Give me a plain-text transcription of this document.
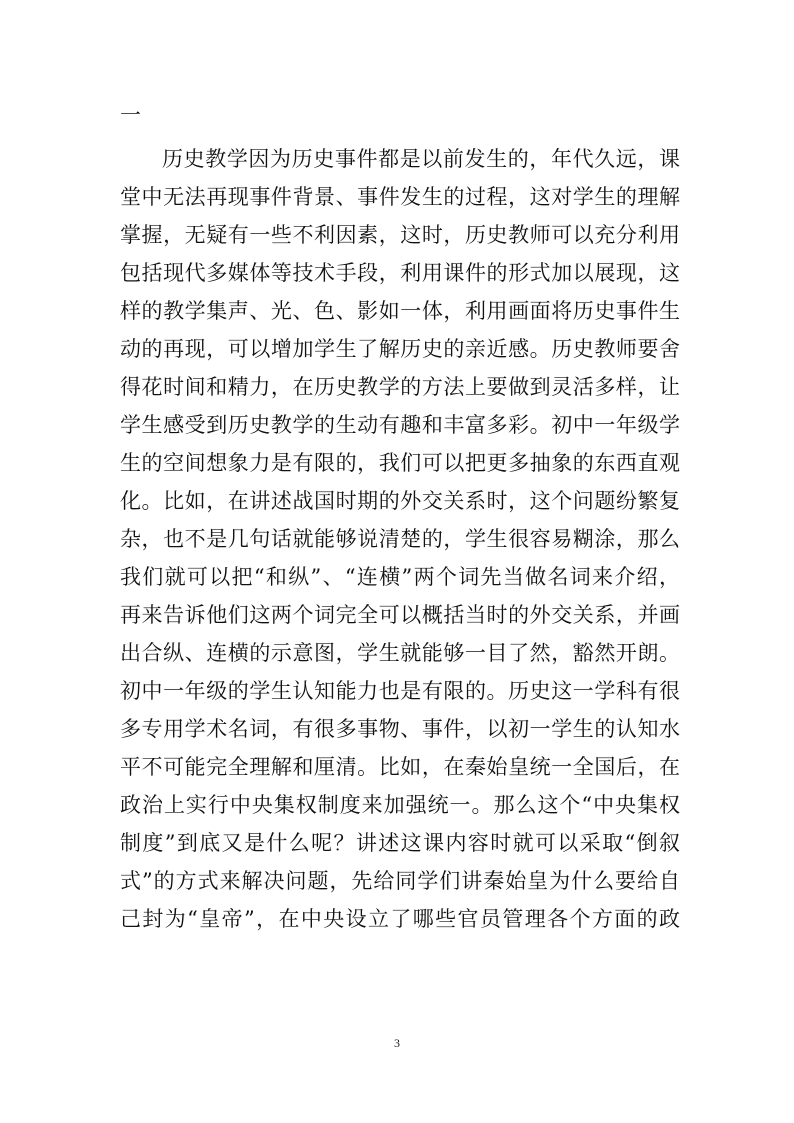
一
历史教学因为历史事件都是以前发生的，年代久远，课
堂中无法再现事件背景、事件发生的过程，这对学生的理解
掌握，无疑有一些不利因素，这时，历史教师可以充分利用
包括现代多媒体等技术手段，利用课件的形式加以展现，这
样的教学集声、光、色、影如一体，利用画面将历史事件生
动的再现，可以增加学生了解历史的亲近感。历史教师要舍
得花时间和精力，在历史教学的方法上要做到灵活多样，让
学生感受到历史教学的生动有趣和丰富多彩。初中一年级学
生的空间想象力是有限的，我们可以把更多抽象的东西直观
化。比如，在讲述战国时期的外交关系时，这个问题纷繁复
杂，也不是几句话就能够说清楚的，学生很容易糊涂，那么
我们就可以把“和纵”、“连横”两个词先当做名词来介绍，
再来告诉他们这两个词完全可以概括当时的外交关系，并画
出合纵、连横的示意图，学生就能够一目了然，豁然开朗。
初中一年级的学生认知能力也是有限的。历史这一学科有很
多专用学术名词，有很多事物、事件，以初一学生的认知水
平不可能完全理解和厘清。比如，在秦始皇统一全国后，在
政治上实行中央集权制度来加强统一。那么这个“中央集权
制度”到底又是什么呢？讲述这课内容时就可以采取“倒叙
式”的方式来解决问题，先给同学们讲秦始皇为什么要给自
己封为“皇帝”，在中央设立了哪些官员管理各个方面的政
3
